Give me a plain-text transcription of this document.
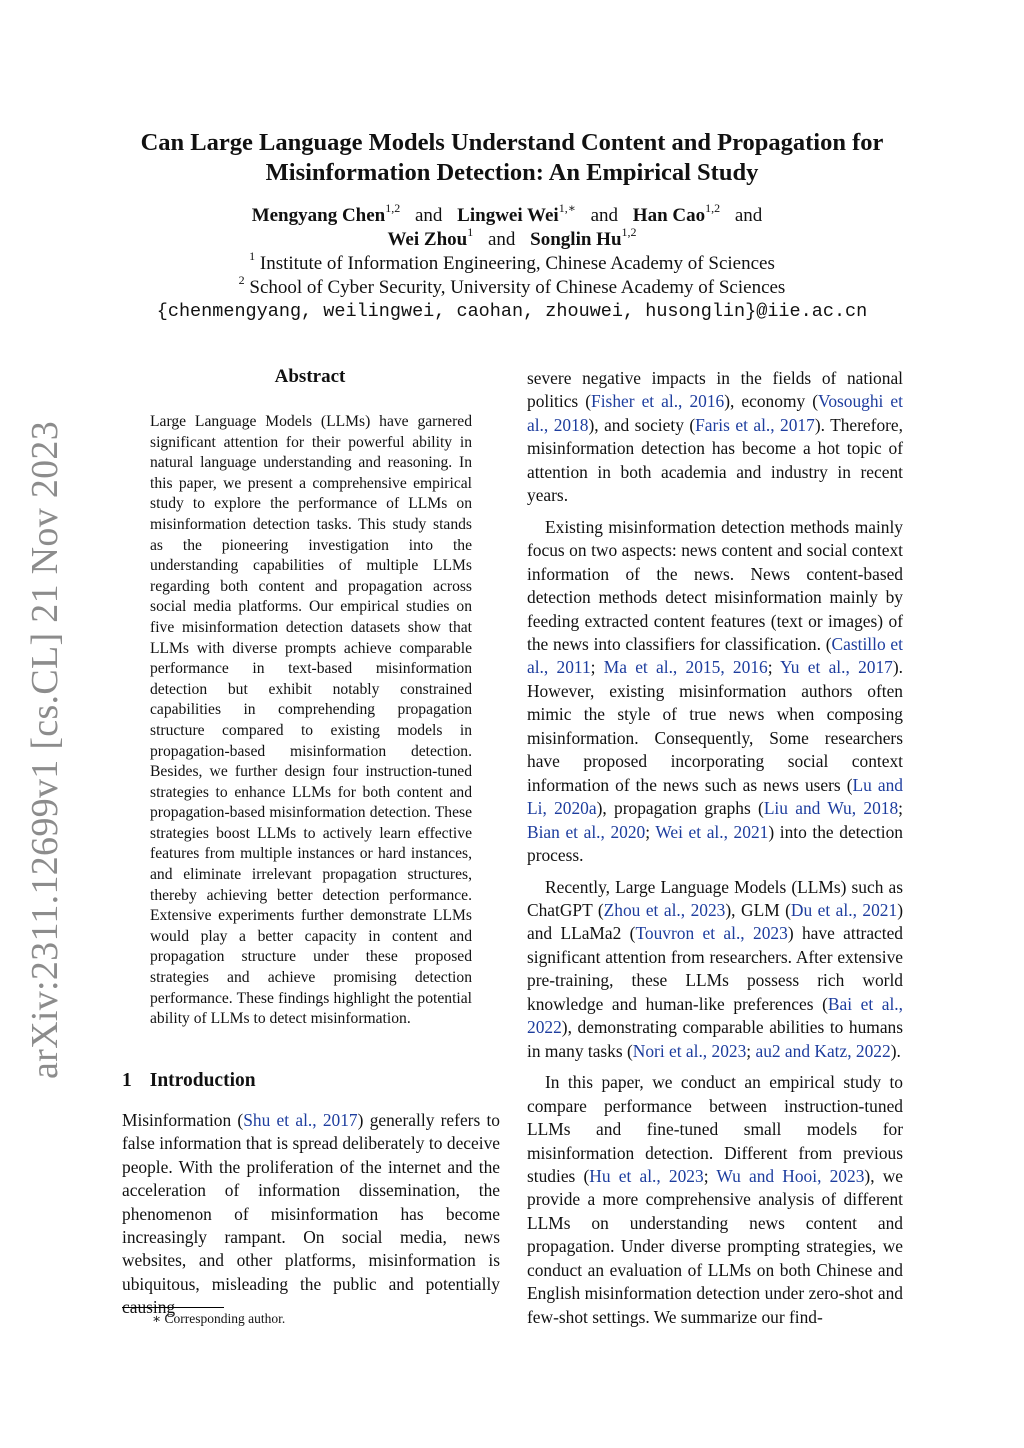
arXiv:2311.12699v1 [cs.CL] 21 Nov 2023
Can Large Language Models Understand Content and Propagation for Misinformation Detection: An Empirical Study
Mengyang Chen$^{1,2}$ and Lingwei Wei$^{1,∗}$ and Han Cao$^{1,2}$ and
Wei Zhou$^1$ and Songlin Hu$^{1,2}$
$^1$ Institute of Information Engineering, Chinese Academy of Sciences
$^2$ School of Cyber Security, University of Chinese Academy of Sciences
{chenmengyang, weilingwei, caohan, zhouwei, husonglin}@iie.ac.cn
Abstract

Large Language Models (LLMs) have garnered significant attention for their powerful ability in natural language understanding and reasoning. In this paper, we present a comprehensive empirical study to explore the performance of LLMs on misinformation detection tasks. This study stands as the pioneering investigation into the understanding capabilities of multiple LLMs regarding both content and propagation across social media platforms. Our empirical studies on five misinformation detection datasets show that LLMs with diverse prompts achieve comparable performance in text-based misinformation detection but exhibit notably constrained capabilities in comprehending propagation structure compared to existing models in propagation-based misinformation detection. Besides, we further design four instruction-tuned strategies to enhance LLMs for both content and propagation-based misinformation detection. These strategies boost LLMs to actively learn effective features from multiple instances or hard instances, and eliminate irrelevant propagation structures, thereby achieving better detection performance. Extensive experiments further demonstrate LLMs would play a better capacity in content and propagation structure under these proposed strategies and achieve promising detection performance. These findings highlight the potential ability of LLMs to detect misinformation.

1 Introduction

Misinformation (Shu et al., 2017) generally refers to false information that is spread deliberately to deceive people. With the proliferation of the internet and the acceleration of information dissemination, the phenomenon of misinformation has become increasingly rampant. On social media, news websites, and other platforms, misinformation is ubiquitous, misleading the public and potentially causing

∗ Corresponding author.

severe negative impacts in the fields of national politics (Fisher et al., 2016), economy (Vosoughi et al., 2018), and society (Faris et al., 2017). Therefore, misinformation detection has become a hot topic of attention in both academia and industry in recent years.

Existing misinformation detection methods mainly focus on two aspects: news content and social context information of the news. News content-based detection methods detect misinformation mainly by feeding extracted content features (text or images) of the news into classifiers for classification. (Castillo et al., 2011; Ma et al., 2015, 2016; Yu et al., 2017). However, existing misinformation authors often mimic the style of true news when composing misinformation. Consequently, Some researchers have proposed incorporating social context information of the news such as news users (Lu and Li, 2020a), propagation graphs (Liu and Wu, 2018; Bian et al., 2020; Wei et al., 2021) into the detection process.

Recently, Large Language Models (LLMs) such as ChatGPT (Zhou et al., 2023), GLM (Du et al., 2021) and LLaMa2 (Touvron et al., 2023) have attracted significant attention from researchers. After extensive pre-training, these LLMs possess rich world knowledge and human-like preferences (Bai et al., 2022), demonstrating comparable abilities to humans in many tasks (Nori et al., 2023; au2 and Katz, 2022).

In this paper, we conduct an empirical study to compare performance between instruction-tuned LLMs and fine-tuned small models for misinformation detection. Different from previous studies (Hu et al., 2023; Wu and Hooi, 2023), we provide a more comprehensive analysis of different LLMs on understanding news content and propagation. Under diverse prompting strategies, we conduct an evaluation of LLMs on both Chinese and English misinformation detection under zero-shot and few-shot settings. We summarize our find-
